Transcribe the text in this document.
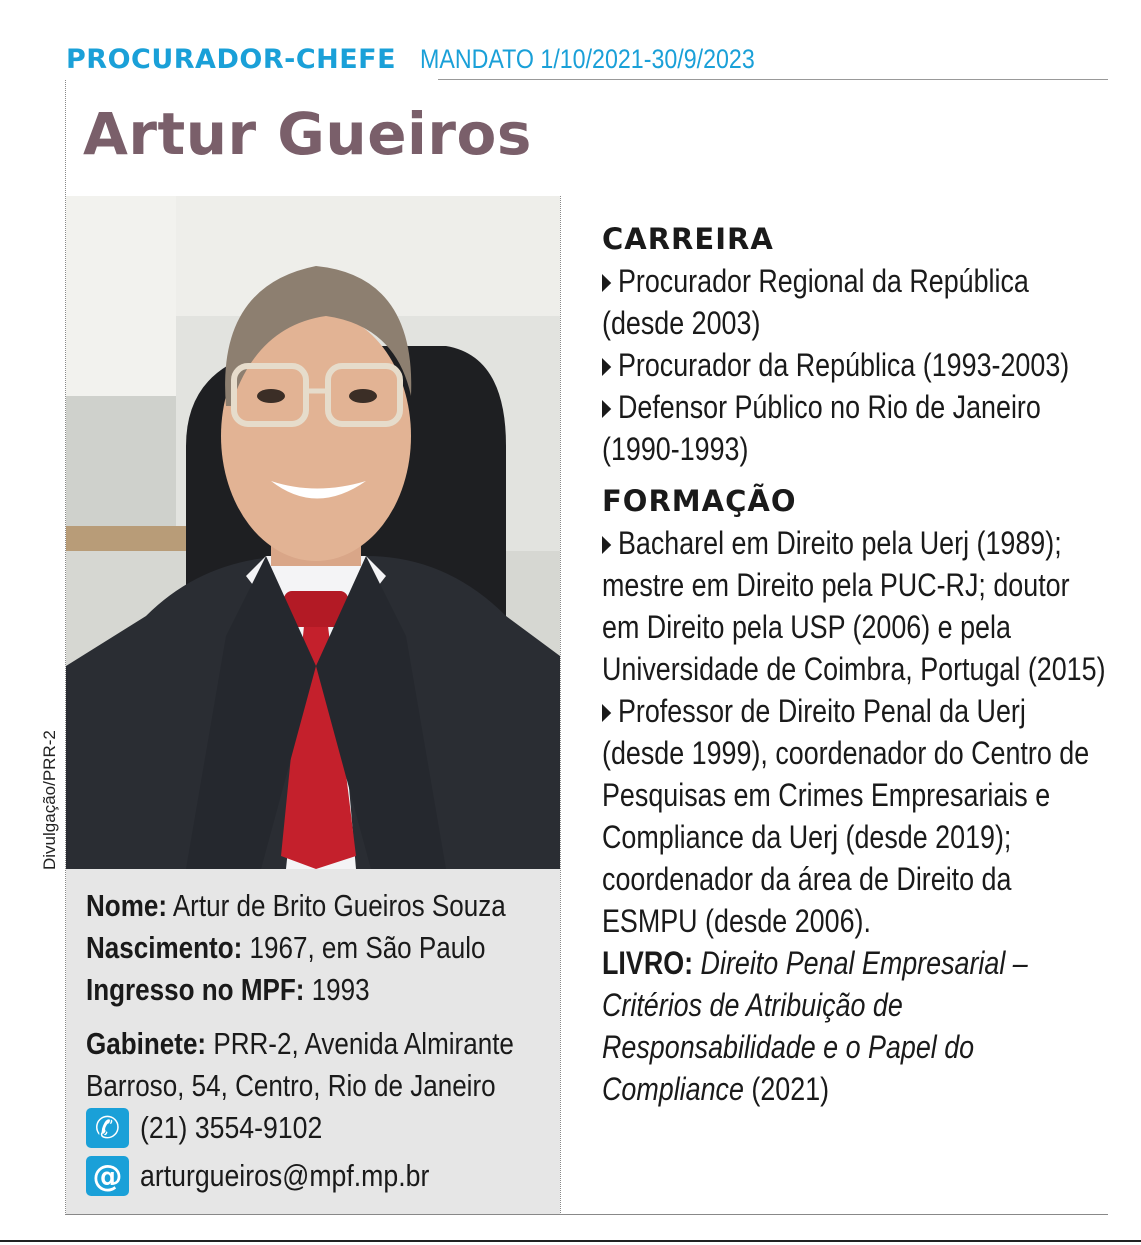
PROCURADOR-CHEFE MANDATO 1/10/2021-30/9/2023
Artur Gueiros
Divulgação/PRR-2
Nome: Artur de Brito Gueiros Souza
Nascimento: 1967, em São Paulo
Ingresso no MPF: 1993
Gabinete: PRR-2, Avenida Almirante
Barroso, 54, Centro, Rio de Janeiro
✆ (21) 3554-9102
@ arturgueiros@mpf.mp.br
CARREIRA
Procurador Regional da República (desde 2003)
Procurador da República (1993-2003)
Defensor Público no Rio de Janeiro (1990-1993)
FORMAÇÃO
Bacharel em Direito pela Uerj (1989); mestre em Direito pela PUC-RJ; doutor em Direito pela USP (2006) e pela Universidade de Coimbra, Portugal (2015)
Professor de Direito Penal da Uerj (desde 1999), coordenador do Centro de Pesquisas em Crimes Empresariais e Compliance da Uerj (desde 2019); coordenador da área de Direito da ESMPU (desde 2006).
LIVRO: Direito Penal Empresarial – Critérios de Atribuição de Responsabilidade e o Papel do Compliance (2021)
